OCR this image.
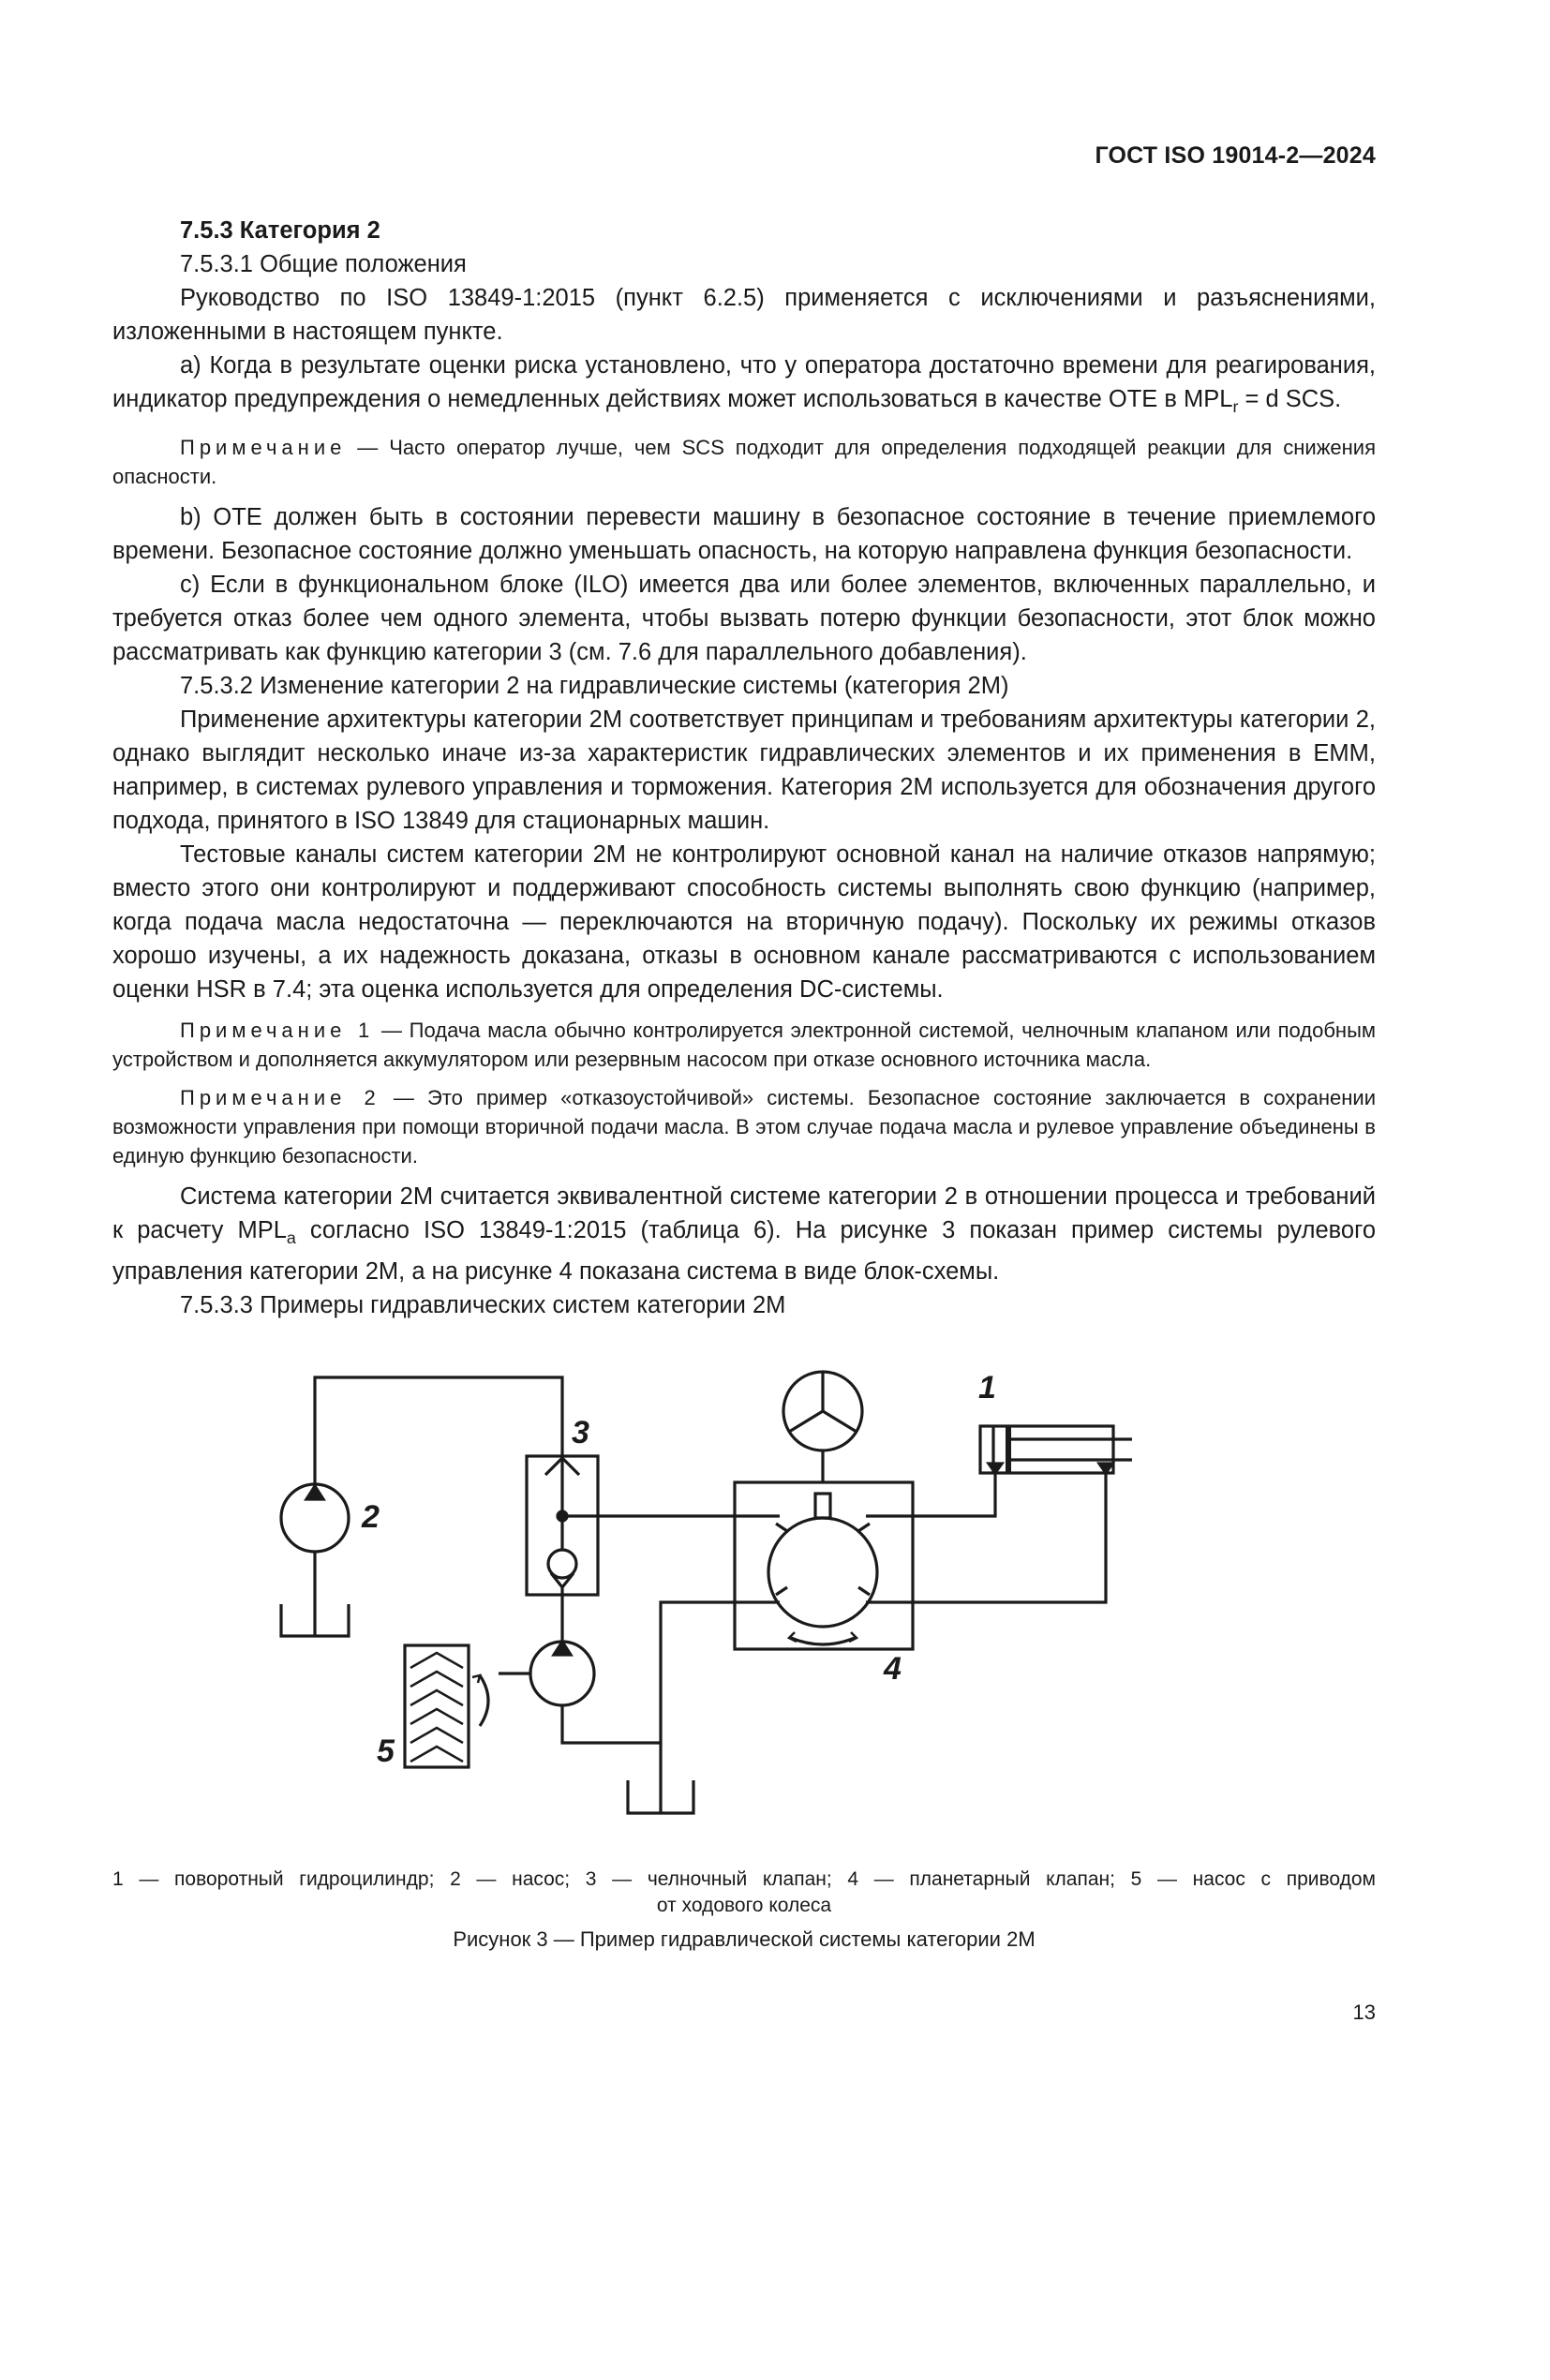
ГОСТ ISO 19014-2—2024

7.5.3 Категория 2

7.5.3.1 Общие положения

Руководство по ISO 13849-1:2015 (пункт 6.2.5) применяется с исключениями и разъяснениями, изложенными в настоящем пункте.

a) Когда в результате оценки риска установлено, что у оператора достаточно времени для реагирования, индикатор предупреждения о немедленных действиях может использоваться в качестве OTE в $MPL_r = d$ SCS.

Примечание — Часто оператор лучше, чем SCS подходит для определения подходящей реакции для снижения опасности.

b) OTE должен быть в состоянии перевести машину в безопасное состояние в течение приемлемого времени. Безопасное состояние должно уменьшать опасность, на которую направлена функция безопасности.

c) Если в функциональном блоке (ILO) имеется два или более элементов, включенных параллельно, и требуется отказ более чем одного элемента, чтобы вызвать потерю функции безопасности, этот блок можно рассматривать как функцию категории 3 (см. 7.6 для параллельного добавления).

7.5.3.2 Изменение категории 2 на гидравлические системы (категория 2М)

Применение архитектуры категории 2М соответствует принципам и требованиям архитектуры категории 2, однако выглядит несколько иначе из-за характеристик гидравлических элементов и их применения в ЕММ, например, в системах рулевого управления и торможения. Категория 2М используется для обозначения другого подхода, принятого в ISO 13849 для стационарных машин.

Тестовые каналы систем категории 2М не контролируют основной канал на наличие отказов напрямую; вместо этого они контролируют и поддерживают способность системы выполнять свою функцию (например, когда подача масла недостаточна — переключаются на вторичную подачу). Поскольку их режимы отказов хорошо изучены, а их надежность доказана, отказы в основном канале рассматриваются с использованием оценки HSR в 7.4; эта оценка используется для определения DC-системы.

Примечание 1 — Подача масла обычно контролируется электронной системой, челночным клапаном или подобным устройством и дополняется аккумулятором или резервным насосом при отказе основного источника масла.

Примечание 2 — Это пример «отказоустойчивой» системы. Безопасное состояние заключается в сохранении возможности управления при помощи вторичной подачи масла. В этом случае подача масла и рулевое управление объединены в единую функцию безопасности.

Система категории 2М считается эквивалентной системе категории 2 в отношении процесса и требований к расчету $MPL_a$ согласно ISO 13849-1:2015 (таблица 6). На рисунке 3 показан пример системы рулевого управления категории 2М, а на рисунке 4 показана система в виде блок-схемы.

7.5.3.3 Примеры гидравлических систем категории 2М

1
2
3
4
5
1 — поворотный гидроцилиндр; 2 — насос; 3 — челночный клапан; 4 — планетарный клапан; 5 — насос с приводом
от ходового колеса
Рисунок 3 — Пример гидравлической системы категории 2М
13
